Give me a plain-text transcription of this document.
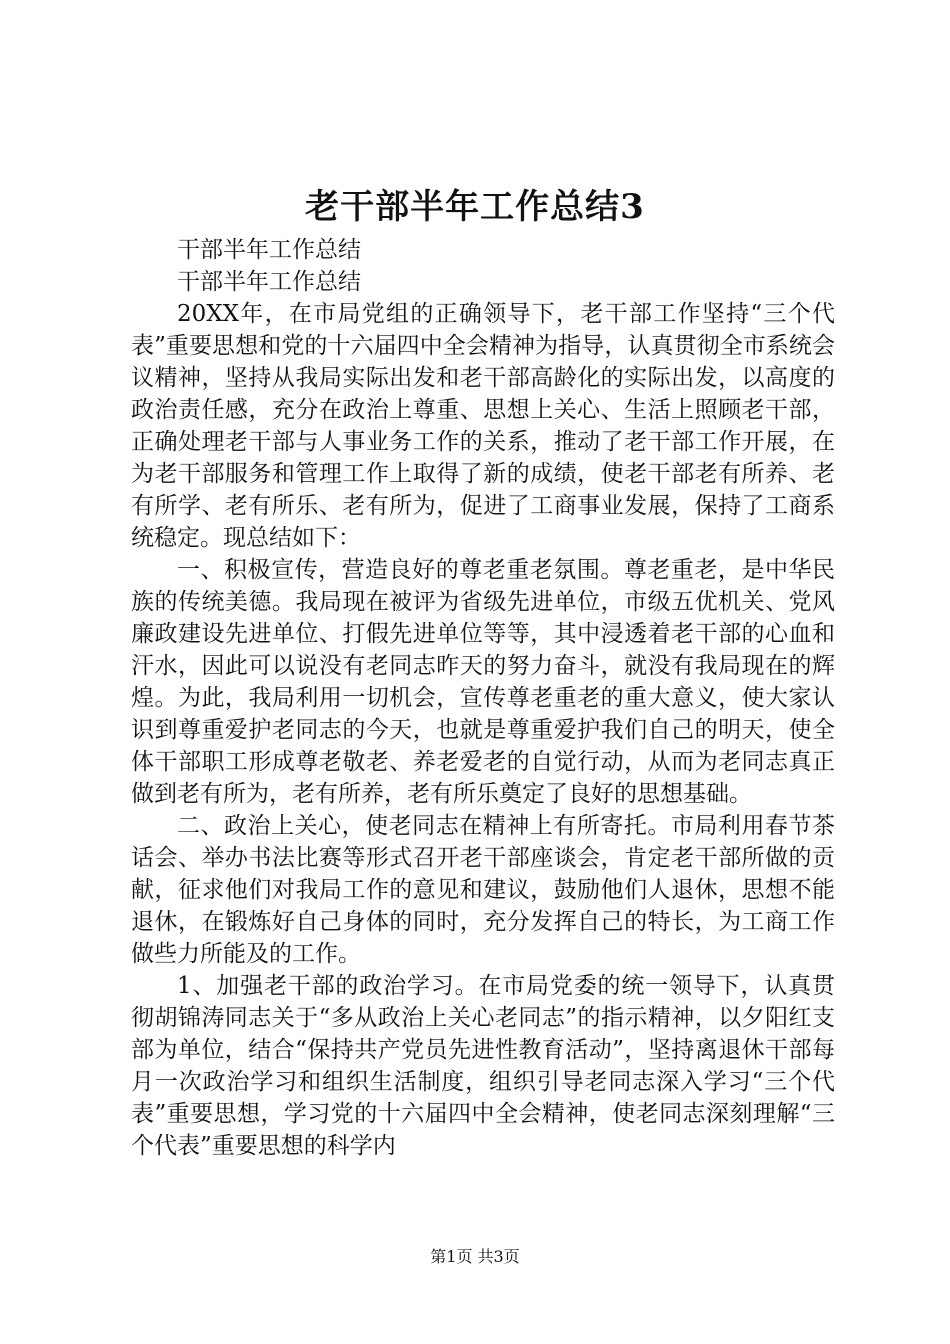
老干部半年工作总结3

干部半年工作总结

干部半年工作总结

20XX年，在市局党组的正确领导下，老干部工作坚持“三个代表”重要思想和党的十六届四中全会精神为指导，认真贯彻全市系统会议精神，坚持从我局实际出发和老干部高龄化的实际出发，以高度的政治责任感，充分在政治上尊重、思想上关心、生活上照顾老干部，正确处理老干部与人事业务工作的关系，推动了老干部工作开展，在为老干部服务和管理工作上取得了新的成绩，使老干部老有所养、老有所学、老有所乐、老有所为，促进了工商事业发展，保持了工商系统稳定。现总结如下：

一、积极宣传，营造良好的尊老重老氛围。尊老重老，是中华民族的传统美德。我局现在被评为省级先进单位，市级五优机关、党风廉政建设先进单位、打假先进单位等等，其中浸透着老干部的心血和汗水，因此可以说没有老同志昨天的努力奋斗，就没有我局现在的辉煌。为此，我局利用一切机会，宣传尊老重老的重大意义，使大家认识到尊重爱护老同志的今天，也就是尊重爱护我们自己的明天，使全体干部职工形成尊老敬老、养老爱老的自觉行动，从而为老同志真正做到老有所为，老有所养，老有所乐奠定了良好的思想基础。

二、政治上关心，使老同志在精神上有所寄托。市局利用春节茶话会、举办书法比赛等形式召开老干部座谈会，肯定老干部所做的贡献，征求他们对我局工作的意见和建议，鼓励他们人退休，思想不能退休，在锻炼好自己身体的同时，充分发挥自己的特长，为工商工作做些力所能及的工作。

1、加强老干部的政治学习。在市局党委的统一领导下，认真贯彻胡锦涛同志关于“多从政治上关心老同志”的指示精神，以夕阳红支部为单位，结合“保持共产党员先进性教育活动”，坚持离退休干部每月一次政治学习和组织生活制度，组织引导老同志深入学习“三个代表”重要思想，学习党的十六届四中全会精神，使老同志深刻理解“三个代表”重要思想的科学内

第1页 共3页
